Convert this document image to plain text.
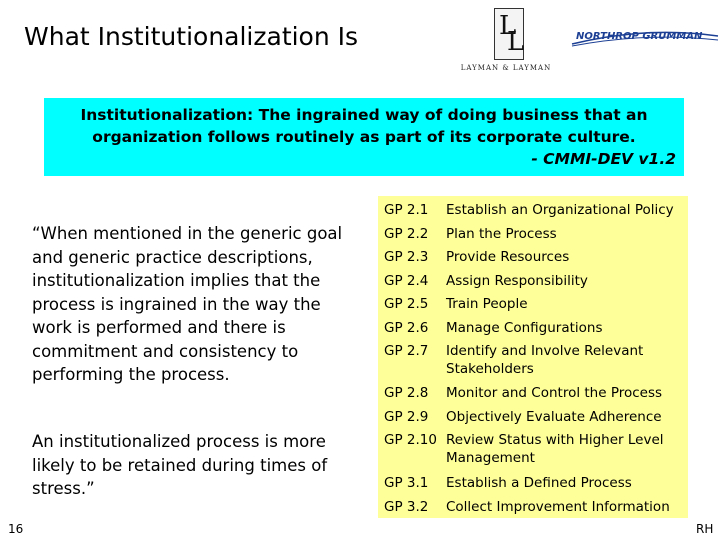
What Institutionalization Is	L
L
LAYMAN & LAYMAN
NORTHROP GRUMMAN
Institutionalization: The ingrained way of doing business that an
organization follows routinely as part of its corporate culture.
- CMMI-DEV v1.2
“When mentioned in the generic goal and generic practice descriptions, institutionalization implies that the process is ingrained in the way the work is performed and there is commitment and consistency to performing the process.
An institutionalized process is more likely to be retained during times of stress.”
GP 2.1 Establish an Organizational Policy
GP 2.2 Plan the Process
GP 2.3 Provide Resources
GP 2.4 Assign Responsibility
GP 2.5 Train People
GP 2.6 Manage Configurations
GP 2.7 Identify and Involve Relevant Stakeholders
GP 2.8 Monitor and Control the Process
GP 2.9 Objectively Evaluate Adherence
GP 2.10 Review Status with Higher Level Management
GP 3.1 Establish a Defined Process
GP 3.2 Collect Improvement Information
16	RH
